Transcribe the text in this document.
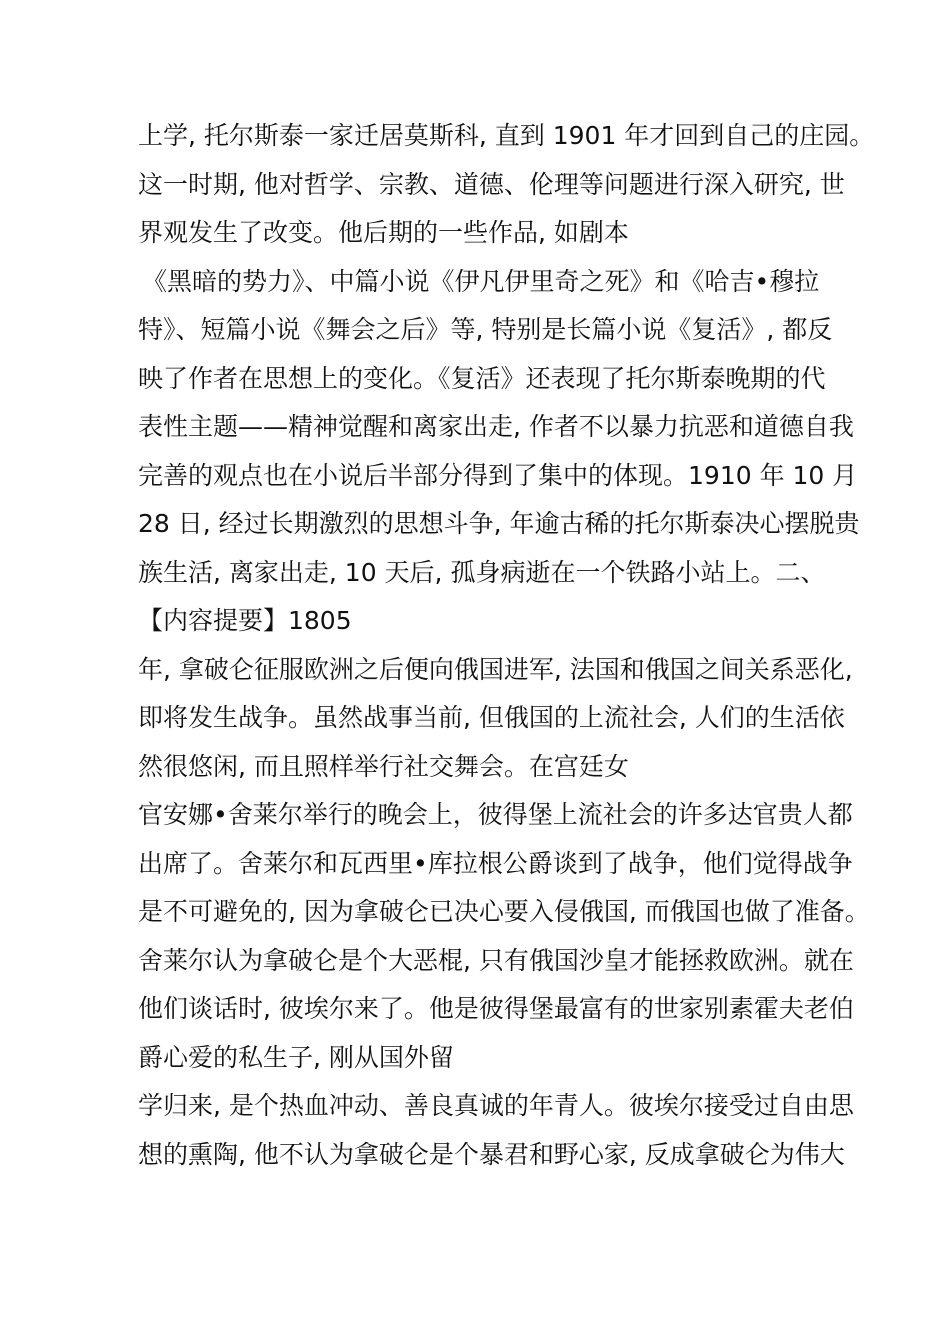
上学, 托尔斯泰一家迁居莫斯科, 直到 1901 年才回到自己的庄园。
这一时期, 他对哲学、宗教、道德、伦理等问题进行深入研究, 世
界观发生了改变。他后期的一些作品, 如剧本
《黑暗的势力》、中篇小说《伊凡伊里奇之死》和《哈吉•穆拉
特》、短篇小说《舞会之后》等, 特别是长篇小说《复活》, 都反
映了作者在思想上的变化。《复活》还表现了托尔斯泰晚期的代
表性主题——精神觉醒和离家出走, 作者不以暴力抗恶和道德自我
完善的观点也在小说后半部分得到了集中的体现。1910 年 10 月
28 日, 经过长期激烈的思想斗争, 年逾古稀的托尔斯泰决心摆脱贵
族生活, 离家出走, 10 天后, 孤身病逝在一个铁路小站上。二、
【内容提要】1805
年, 拿破仑征服欧洲之后便向俄国进军, 法国和俄国之间关系恶化,
即将发生战争。虽然战事当前, 但俄国的上流社会, 人们的生活依
然很悠闲, 而且照样举行社交舞会。在宫廷女
官安娜•舍莱尔举行的晚会上，彼得堡上流社会的许多达官贵人都
出席了。舍莱尔和瓦西里•库拉根公爵谈到了战争，他们觉得战争
是不可避免的, 因为拿破仑已决心要入侵俄国, 而俄国也做了准备。
舍莱尔认为拿破仑是个大恶棍, 只有俄国沙皇才能拯救欧洲。就在
他们谈话时, 彼埃尔来了。他是彼得堡最富有的世家别素霍夫老伯
爵心爱的私生子, 刚从国外留
学归来, 是个热血冲动、善良真诚的年青人。彼埃尔接受过自由思
想的熏陶, 他不认为拿破仑是个暴君和野心家, 反成拿破仑为伟大
